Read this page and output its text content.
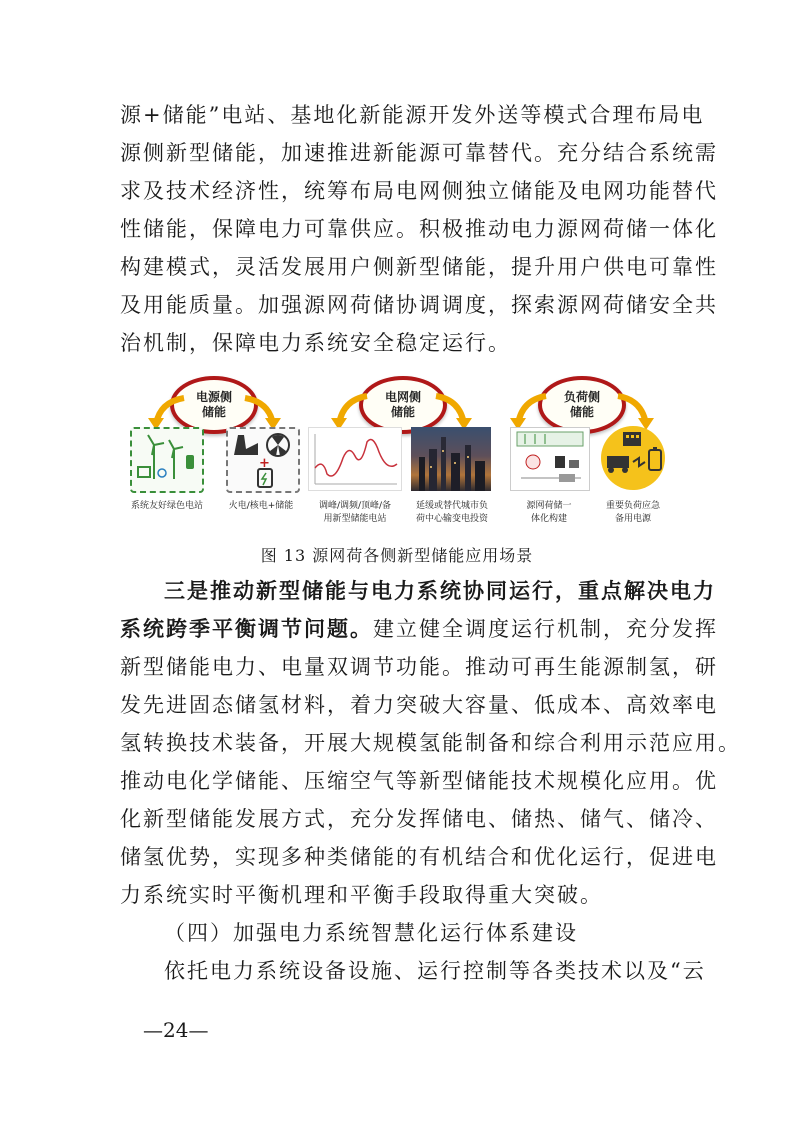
源+储能”电站、基地化新能源开发外送等模式合理布局电
源侧新型储能，加速推进新能源可靠替代。充分结合系统需
求及技术经济性，统筹布局电网侧独立储能及电网功能替代
性储能，保障电力可靠供应。积极推动电力源网荷储一体化
构建模式，灵活发展用户侧新型储能，提升用户供电可靠性
及用能质量。加强源网荷储协调调度，探索源网荷储安全共
治机制，保障电力系统安全稳定运行。
电源侧
储能
电网侧
储能
负荷侧
储能
+
系统友好绿色电站	火电/核电+储能	调峰/调频/顶峰/备
用新型储能电站
延缓或替代城市负
荷中心输变电投资
源网荷储一
体化构建
重要负荷应急
备用电源
图 13 源网荷各侧新型储能应用场景
三是推动新型储能与电力系统协同运行，重点解决电力
系统跨季平衡调节问题。建立健全调度运行机制，充分发挥
新型储能电力、电量双调节功能。推动可再生能源制氢，研
发先进固态储氢材料，着力突破大容量、低成本、高效率电
氢转换技术装备，开展大规模氢能制备和综合利用示范应用。
推动电化学储能、压缩空气等新型储能技术规模化应用。优
化新型储能发展方式，充分发挥储电、储热、储气、储冷、
储氢优势，实现多种类储能的有机结合和优化运行，促进电
力系统实时平衡机理和平衡手段取得重大突破。
（四）加强电力系统智慧化运行体系建设
依托电力系统设备设施、运行控制等各类技术以及“云
—24—
